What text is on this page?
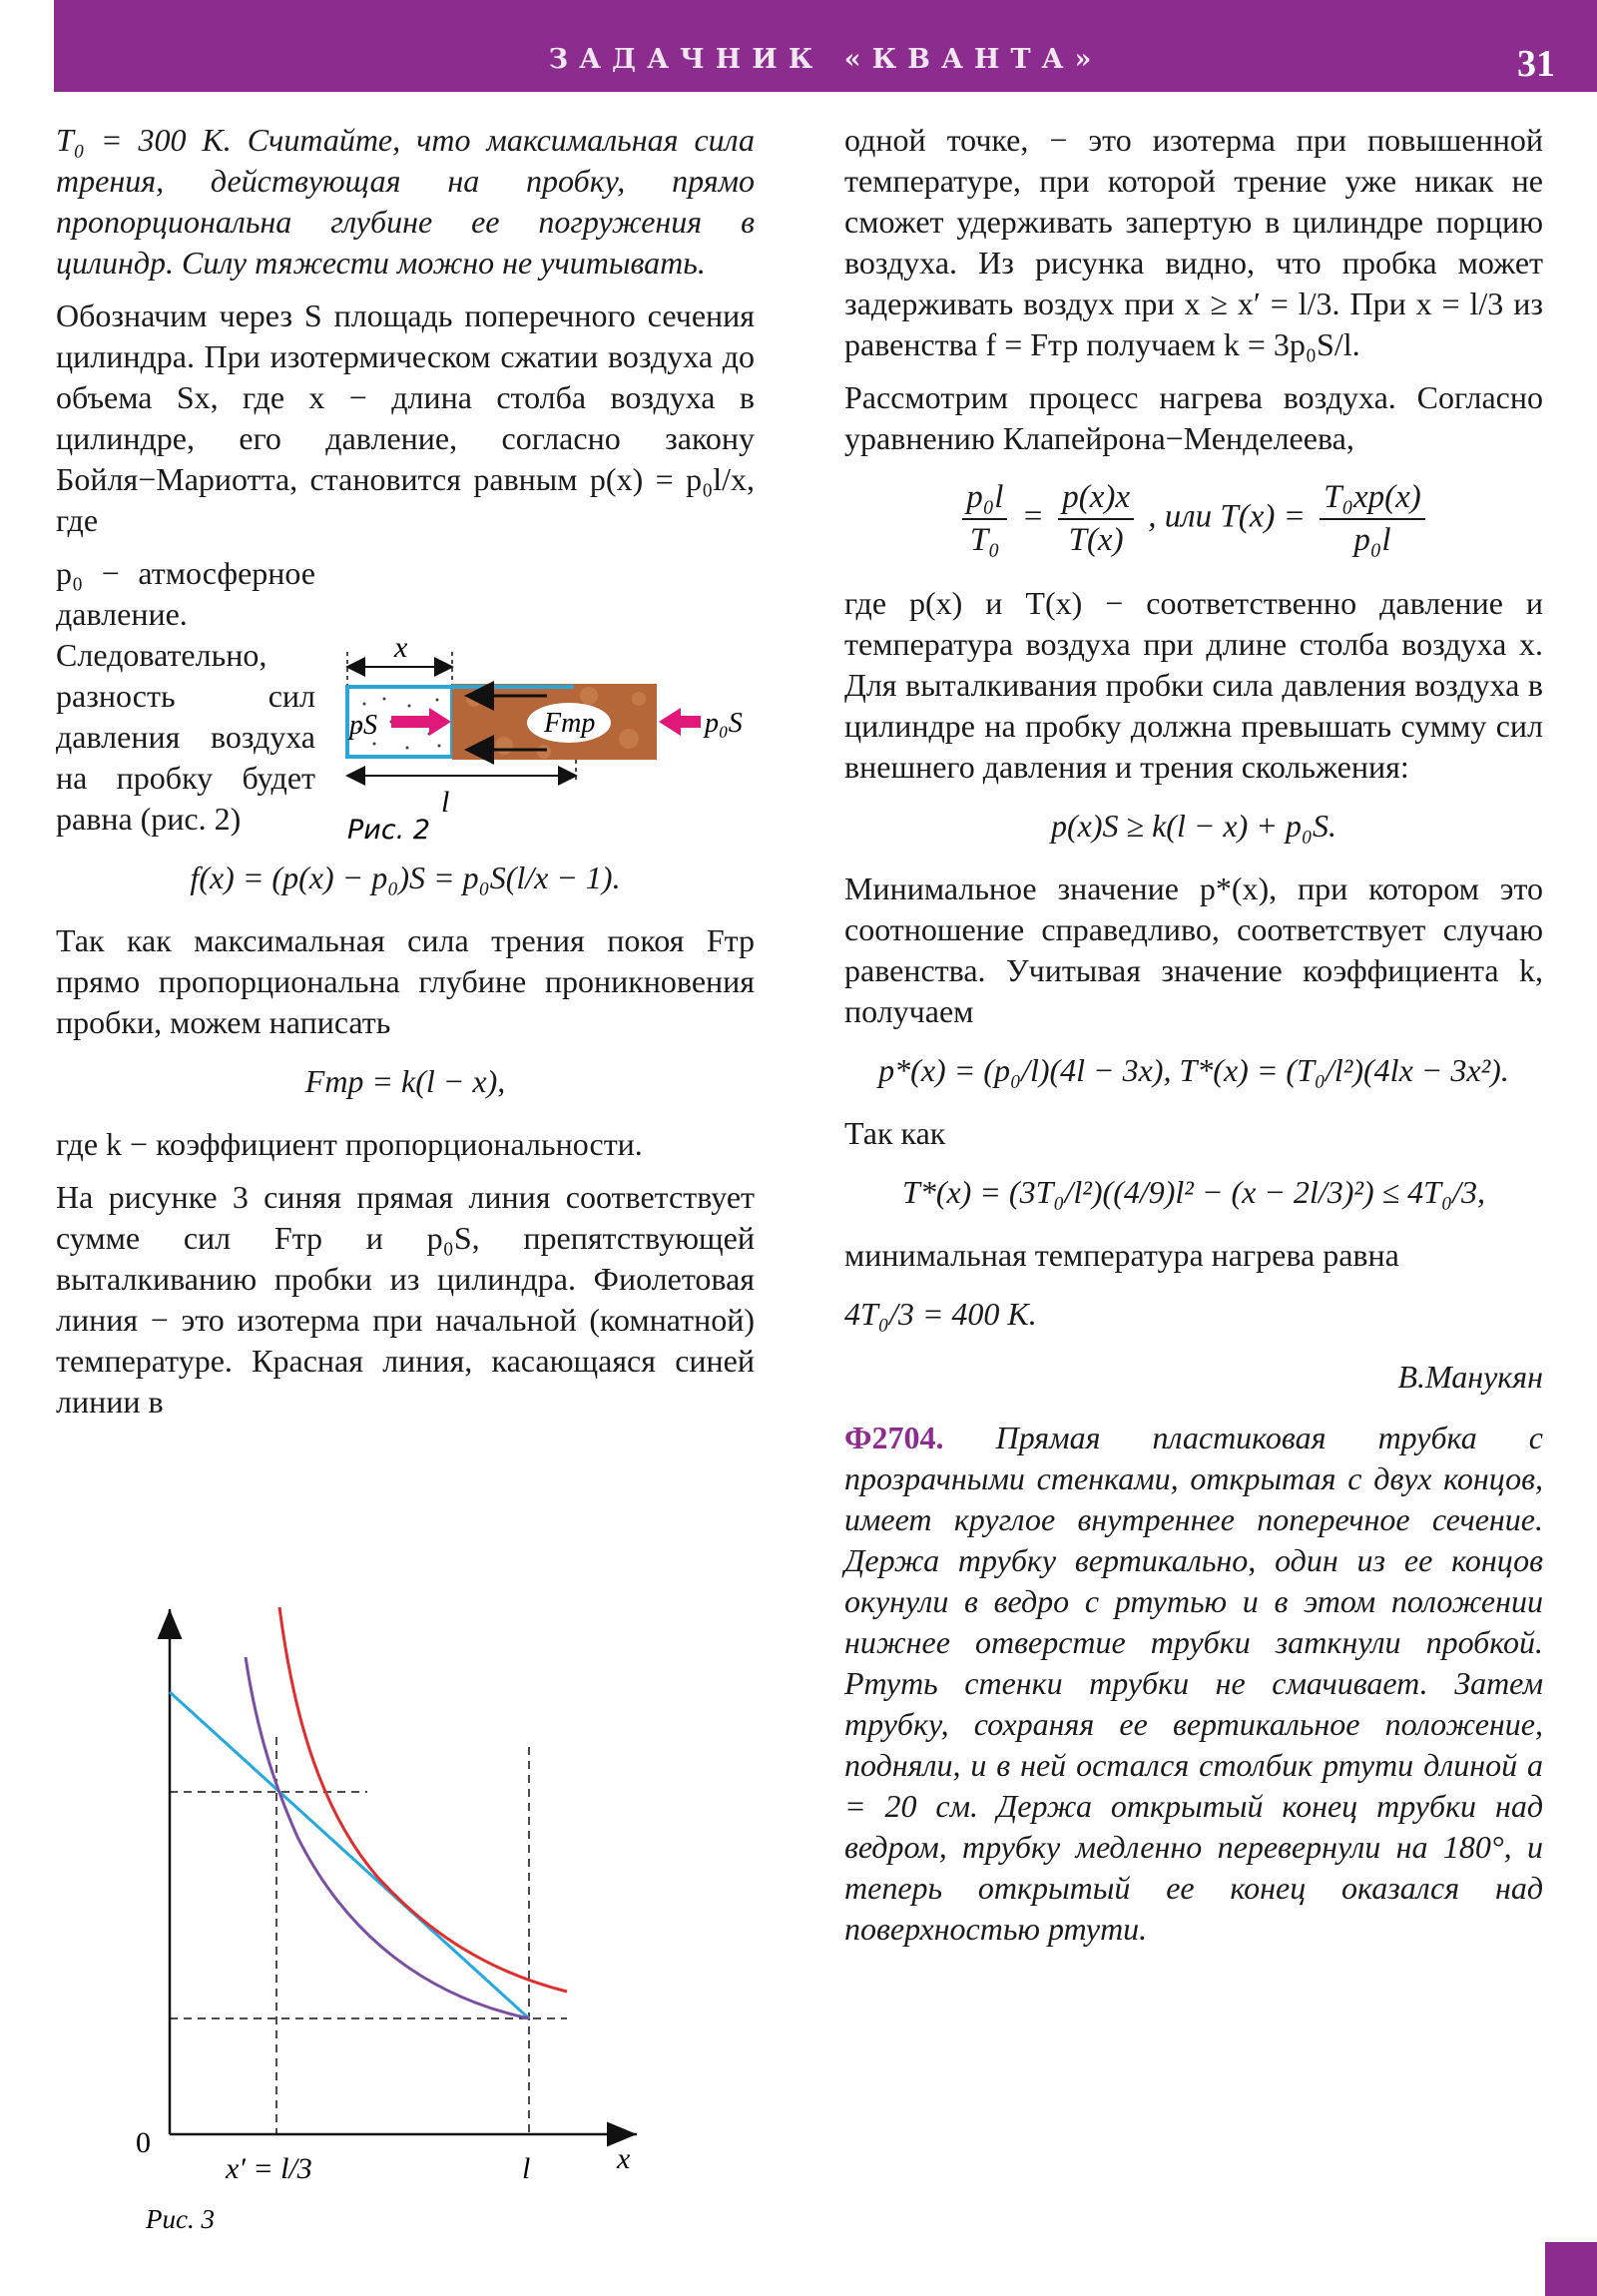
ЗАДАЧНИК «КВАНТА»	31

T₀ = 300 K. Считайте, что максимальная сила трения, действующая на пробку, прямо пропорциональна глубине ее погружения в цилиндр. Силу тяжести можно не учитывать.

Обозначим через S площадь поперечного сечения цилиндра. При изотермическом сжатии воздуха до объема Sx, где x − длина столба воздуха в цилиндре, его давление, согласно закону Бойля−Мариотта, становится равным p(x) = p₀l/x, где

p₀ − атмосферное давление. Следовательно, разность сил давления воздуха на пробку будет равна (рис. 2)

f(x) = (p(x) − p₀)S = p₀S(l/x − 1).

Так как максимальная сила трения покоя Fтр прямо пропорциональна глубине проникновения пробки, можем написать

Fтр = k(l − x),

где k − коэффициент пропорциональности.

На рисунке 3 синяя прямая линия соответствует сумме сил Fтр и p₀S, препятствующей выталкиванию пробки из цилиндра. Фиолетовая линия − это изотерма при начальной (комнатной) температуре. Красная линия, касающаяся синей линии в

x
Fтр
pS	p₀S
l
Рис. 2
0
x′ = l/3	l	x
Рис. 3

одной точке, − это изотерма при повышенной температуре, при которой трение уже никак не сможет удерживать запертую в цилиндре порцию воздуха. Из рисунка видно, что пробка может задерживать воздух при x ≥ x′ = l/3. При x = l/3 из равенства f = Fтр получаем k = 3p₀S/l.

Рассмотрим процесс нагрева воздуха. Согласно уравнению Клапейрона−Менделеева,

$\frac{\text{p₀l}}{\text{T₀}} = \frac{p(x)x}{T(x)}$ , или $T(x) = \frac{\text{T₀xp(x)}}{\text{p₀l}}$

где p(x) и T(x) − соответственно давление и температура воздуха при длине столба воздуха x. Для выталкивания пробки сила давления воздуха в цилиндре на пробку должна превышать сумму сил внешнего давления и трения скольжения:

p(x)S ≥ k(l − x) + p₀S.

Минимальное значение p*(x), при котором это соотношение справедливо, соответствует случаю равенства. Учитывая значение коэффициента k, получаем

p*(x) = (p₀/l)(4l − 3x), T*(x) = (T₀/l²)(4lx − 3x²).

Так как

T*(x) = (3T₀/l²)((4/9)l² − (x − 2l/3)²) ≤ 4T₀/3,

минимальная температура нагрева равна

4T₀/3 = 400 K.
В.Манукян

Ф2704. Прямая пластиковая трубка с прозрачными стенками, открытая с двух концов, имеет круглое внутреннее поперечное сечение. Держа трубку вертикально, один из ее концов окунули в ведро с ртутью и в этом положении нижнее отверстие трубки заткнули пробкой. Ртуть стенки трубки не смачивает. Затем трубку, сохраняя ее вертикальное положение, подняли, и в ней остался столбик ртути длиной a = 20 см. Держа открытый конец трубки над ведром, трубку медленно перевернули на 180°, и теперь открытый ее конец оказался над поверхностью ртути.
